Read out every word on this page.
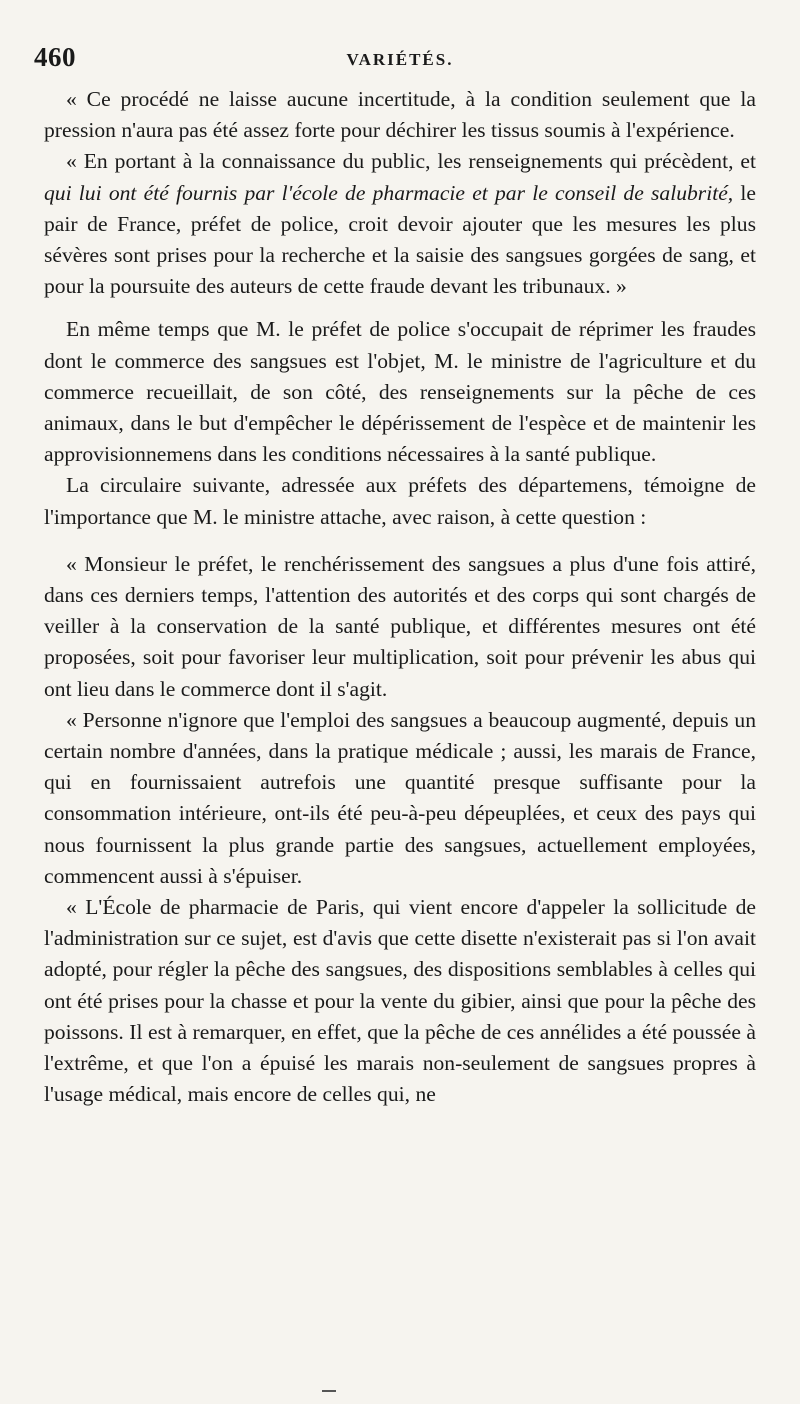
460	VARIÉTÉS.

« Ce procédé ne laisse aucune incertitude, à la condition seulement que la pression n'aura pas été assez forte pour déchirer les tissus soumis à l'expérience.

« En portant à la connaissance du public, les renseignements qui précèdent, et qui lui ont été fournis par l'école de pharmacie et par le conseil de salubrité, le pair de France, préfet de police, croit devoir ajouter que les mesures les plus sévères sont prises pour la recherche et la saisie des sangsues gorgées de sang, et pour la poursuite des auteurs de cette fraude devant les tribunaux. »

En même temps que M. le préfet de police s'occupait de réprimer les fraudes dont le commerce des sangsues est l'objet, M. le ministre de l'agriculture et du commerce recueillait, de son côté, des renseignements sur la pêche de ces animaux, dans le but d'empêcher le dépérissement de l'espèce et de maintenir les approvisionnemens dans les conditions nécessaires à la santé publique.

La circulaire suivante, adressée aux préfets des départemens, témoigne de l'importance que M. le ministre attache, avec raison, à cette question :

« Monsieur le préfet, le renchérissement des sangsues a plus d'une fois attiré, dans ces derniers temps, l'attention des autorités et des corps qui sont chargés de veiller à la conservation de la santé publique, et différentes mesures ont été proposées, soit pour favoriser leur multiplication, soit pour prévenir les abus qui ont lieu dans le commerce dont il s'agit.

« Personne n'ignore que l'emploi des sangsues a beaucoup augmenté, depuis un certain nombre d'années, dans la pratique médicale ; aussi, les marais de France, qui en fournissaient autrefois une quantité presque suffisante pour la consommation intérieure, ont-ils été peu-à-peu dépeuplées, et ceux des pays qui nous fournissent la plus grande partie des sangsues, actuellement employées, commencent aussi à s'épuiser.

« L'École de pharmacie de Paris, qui vient encore d'appeler la sollicitude de l'administration sur ce sujet, est d'avis que cette disette n'existerait pas si l'on avait adopté, pour régler la pêche des sangsues, des dispositions semblables à celles qui ont été prises pour la chasse et pour la vente du gibier, ainsi que pour la pêche des poissons. Il est à remarquer, en effet, que la pêche de ces annélides a été poussée à l'extrême, et que l'on a épuisé les marais non-seulement de sangsues propres à l'usage médical, mais encore de celles qui, ne
